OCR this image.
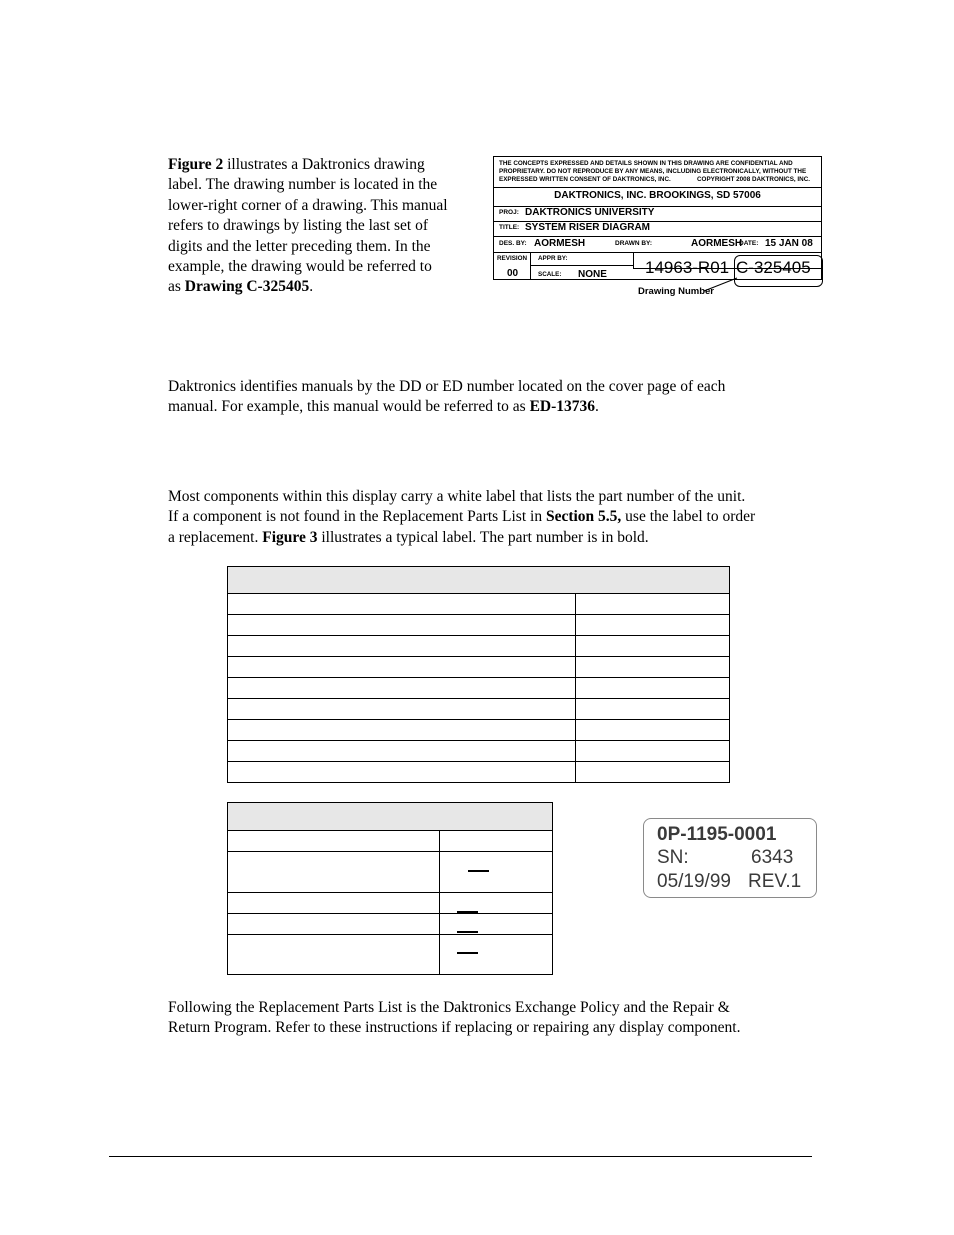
Figure 2 illustrates a Daktronics drawing

label. The drawing number is located in the

lower-right corner of a drawing. This manual

refers to drawings by listing the last set of

digits and the letter preceding them. In the

example, the drawing would be referred to

as Drawing C-325405.

THE CONCEPTS EXPRESSED AND DETAILS SHOWN IN THIS DRAWING ARE CONFIDENTIAL AND
PROPRIETARY. DO NOT REPRODUCE BY ANY MEANS, INCLUDING ELECTRONICALLY, WITHOUT THE
EXPRESSED WRITTEN CONSENT OF DAKTRONICS, INC.	COPYRIGHT 2008 DAKTRONICS, INC.
DAKTRONICS, INC. BROOKINGS, SD 57006
PROJ: DAKTRONICS UNIVERSITY
TITLE: SYSTEM RISER DIAGRAM
DES. BY: AORMESH	DRAWN BY:	AORMESH
DATE: 15 JAN 08
REVISION
00
APPR BY:
SCALE: NONE 14963-R01 C-325405
Drawing Number

Daktronics identifies manuals by the DD or ED number located on the cover page of each

manual. For example, this manual would be referred to as ED-13736.

Most components within this display carry a white label that lists the part number of the unit.

If a component is not found in the Replacement Parts List in Section 5.5, use the label to order

a replacement. Figure 3 illustrates a typical label. The part number is in bold.

0P-1195-0001
SN:	6343
05/19/99 REV.1

Following the Replacement Parts List is the Daktronics Exchange Policy and the Repair &

Return Program. Refer to these instructions if replacing or repairing any display component.
